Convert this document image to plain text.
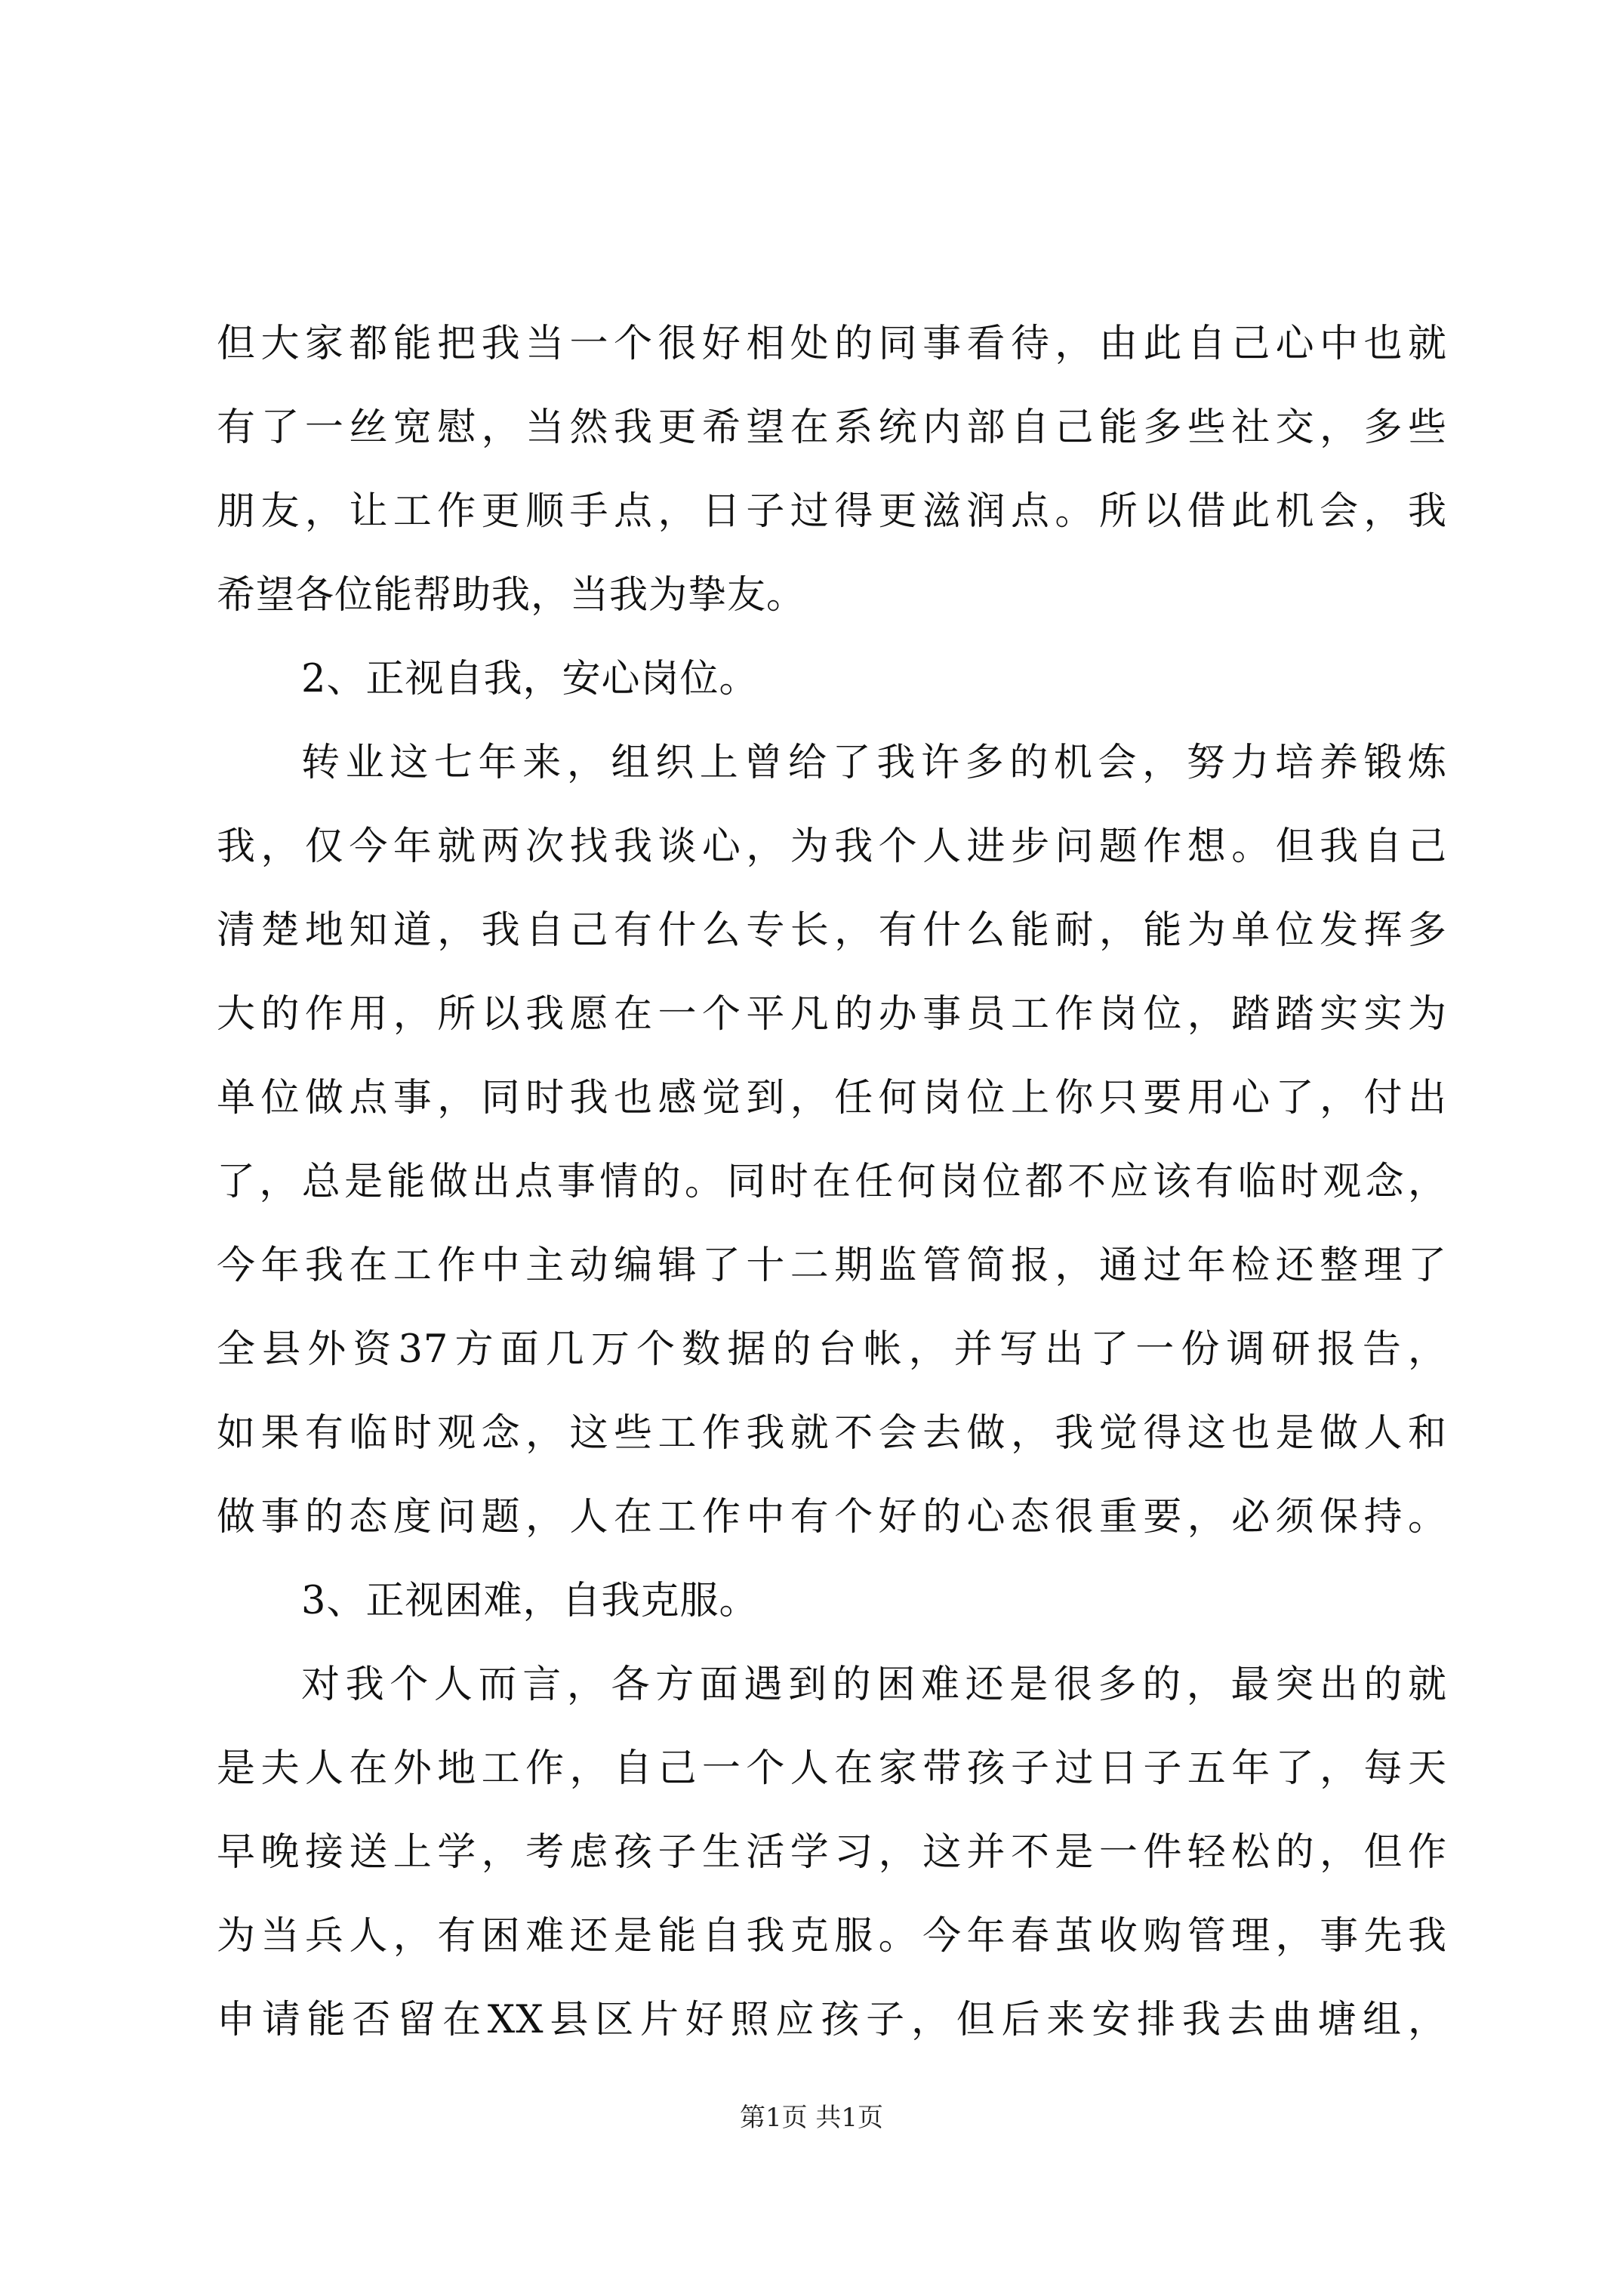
但大家都能把我当一个很好相处的同事看待，由此自己心中也就
有了一丝宽慰，当然我更希望在系统内部自己能多些社交，多些
朋友，让工作更顺手点，日子过得更滋润点。所以借此机会，我
希望各位能帮助我，当我为挚友。
2、正视自我，安心岗位。
转业这七年来，组织上曾给了我许多的机会，努力培养锻炼
我，仅今年就两次找我谈心，为我个人进步问题作想。但我自己
清楚地知道，我自己有什么专长，有什么能耐，能为单位发挥多
大的作用，所以我愿在一个平凡的办事员工作岗位，踏踏实实为
单位做点事，同时我也感觉到，任何岗位上你只要用心了，付出
了，总是能做出点事情的。同时在任何岗位都不应该有临时观念，
今年我在工作中主动编辑了十二期监管简报，通过年检还整理了
全县外资37方面几万个数据的台帐，并写出了一份调研报告，
如果有临时观念，这些工作我就不会去做，我觉得这也是做人和
做事的态度问题，人在工作中有个好的心态很重要，必须保持。
3、正视困难，自我克服。
对我个人而言，各方面遇到的困难还是很多的，最突出的就
是夫人在外地工作，自己一个人在家带孩子过日子五年了，每天
早晚接送上学，考虑孩子生活学习，这并不是一件轻松的，但作
为当兵人，有困难还是能自我克服。今年春茧收购管理，事先我
申请能否留在XX县区片好照应孩子，但后来安排我去曲塘组，
第1页 共1页
